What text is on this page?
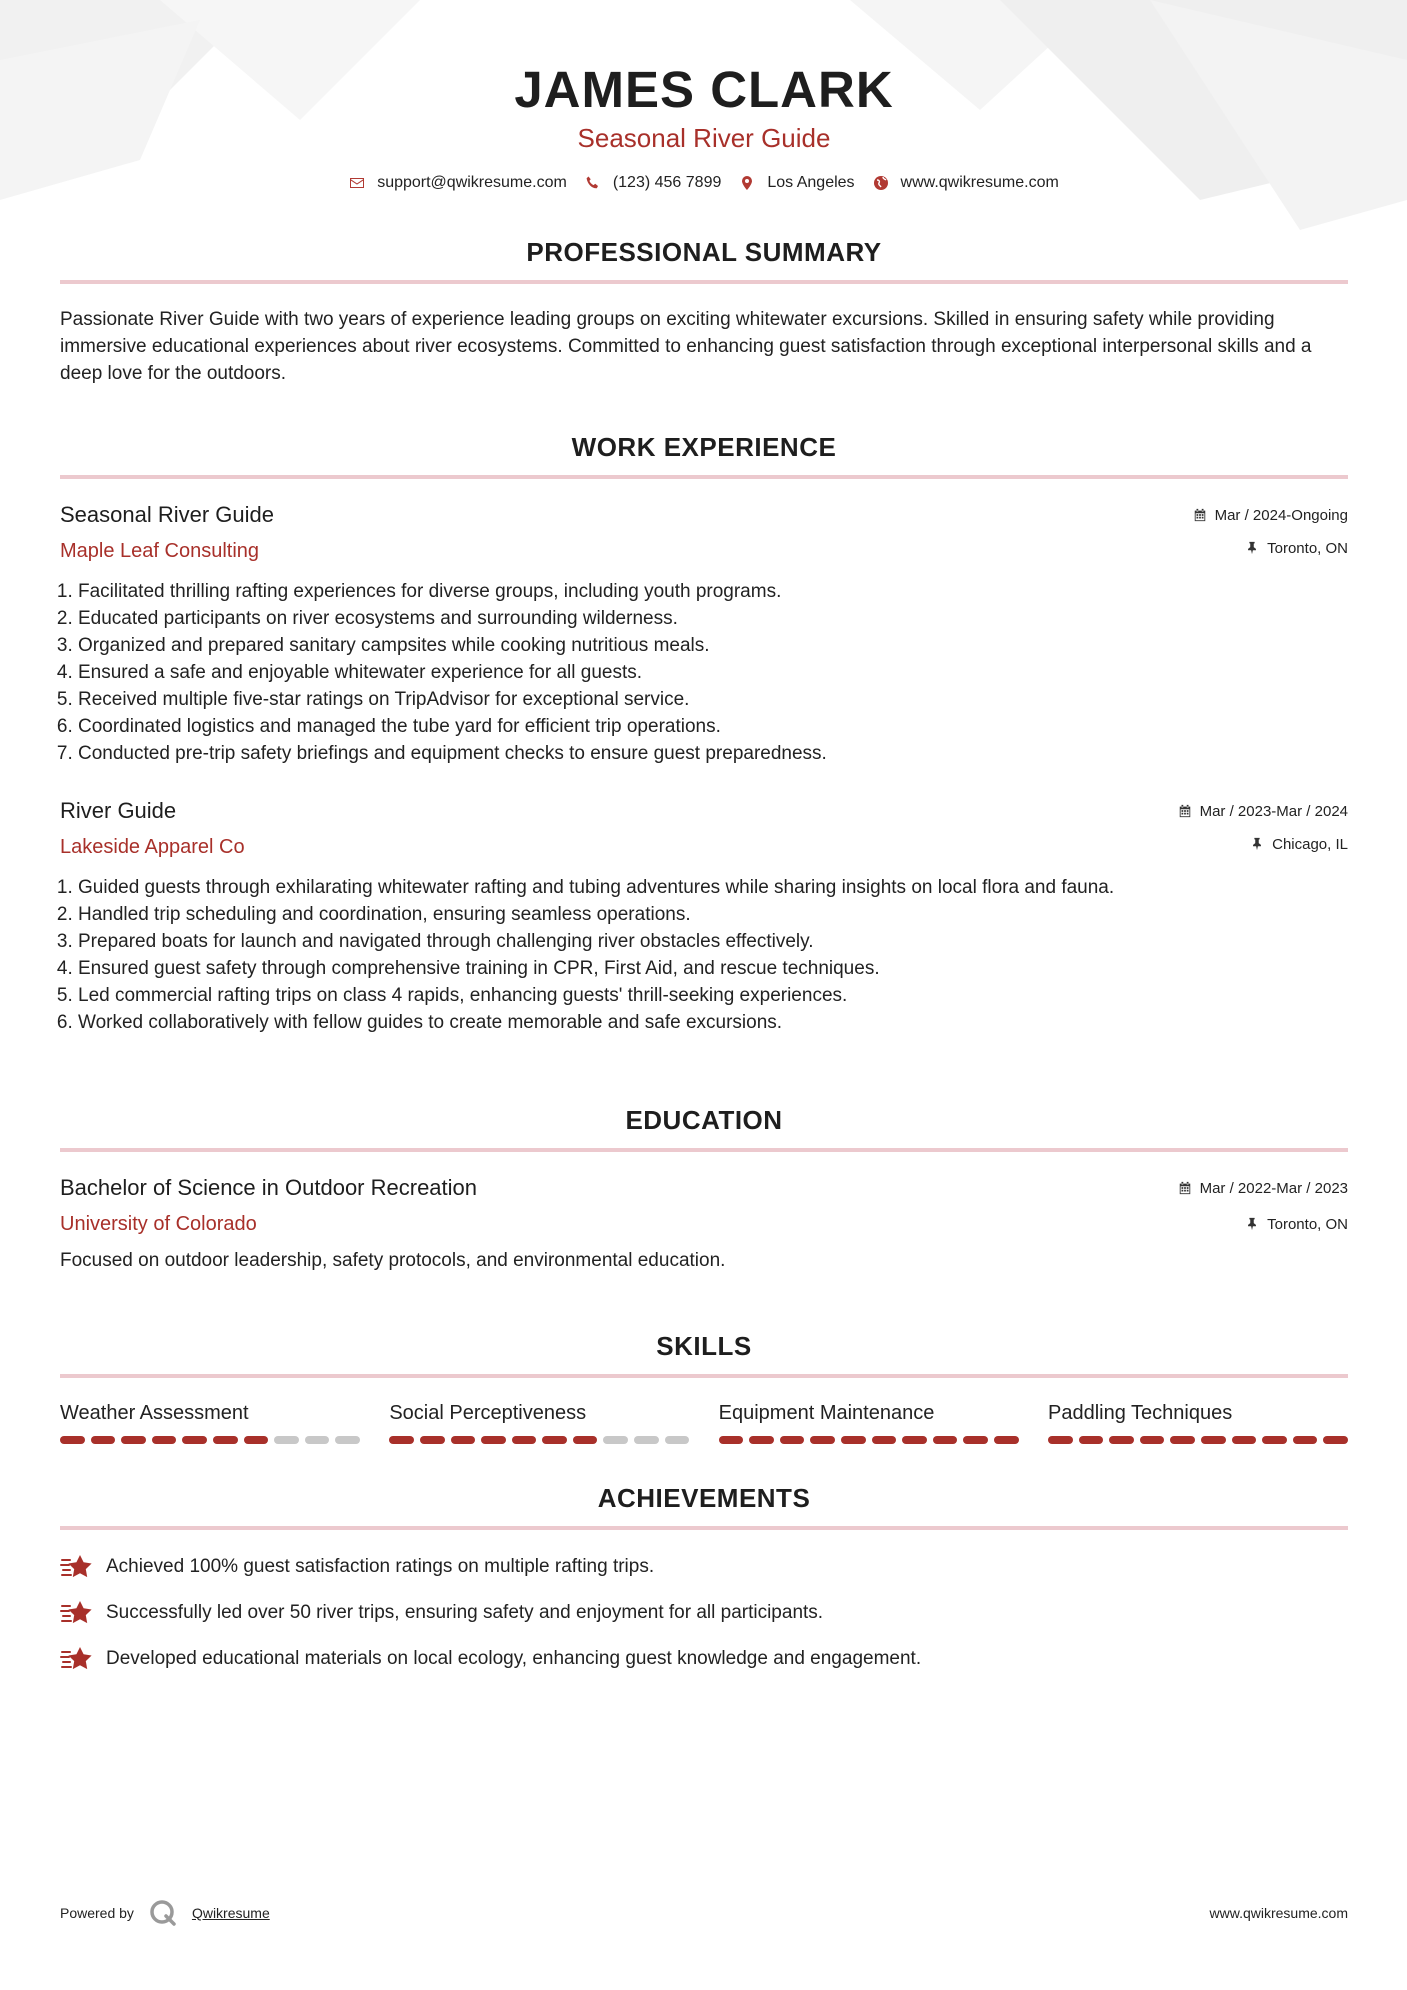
JAMES CLARK
Seasonal River Guide
support@qwikresume.com	(123) 456 7899	Los Angeles	www.qwikresume.com
PROFESSIONAL SUMMARY
Passionate River Guide with two years of experience leading groups on exciting whitewater excursions. Skilled in ensuring safety while providing immersive educational experiences about river ecosystems. Committed to enhancing guest satisfaction through exceptional interpersonal skills and a deep love for the outdoors.
WORK EXPERIENCE
Seasonal River Guide
Maple Leaf Consulting
Mar / 2024-Ongoing
Toronto, ON
1. Facilitated thrilling rafting experiences for diverse groups, including youth programs.
2. Educated participants on river ecosystems and surrounding wilderness.
3. Organized and prepared sanitary campsites while cooking nutritious meals.
4. Ensured a safe and enjoyable whitewater experience for all guests.
5. Received multiple five-star ratings on TripAdvisor for exceptional service.
6. Coordinated logistics and managed the tube yard for efficient trip operations.
7. Conducted pre-trip safety briefings and equipment checks to ensure guest preparedness.
River Guide
Lakeside Apparel Co
Mar / 2023-Mar / 2024
Chicago, IL
1. Guided guests through exhilarating whitewater rafting and tubing adventures while sharing insights on local flora and fauna.
2. Handled trip scheduling and coordination, ensuring seamless operations.
3. Prepared boats for launch and navigated through challenging river obstacles effectively.
4. Ensured guest safety through comprehensive training in CPR, First Aid, and rescue techniques.
5. Led commercial rafting trips on class 4 rapids, enhancing guests' thrill-seeking experiences.
6. Worked collaboratively with fellow guides to create memorable and safe excursions.
EDUCATION
Bachelor of Science in Outdoor Recreation
University of Colorado
Mar / 2022-Mar / 2023
Toronto, ON
Focused on outdoor leadership, safety protocols, and environmental education.
SKILLS
Weather Assessment	Social Perceptiveness	Equipment Maintenance	Paddling Techniques
ACHIEVEMENTS
Achieved 100% guest satisfaction ratings on multiple rafting trips.
Successfully led over 50 river trips, ensuring safety and enjoyment for all participants.
Developed educational materials on local ecology, enhancing guest knowledge and engagement.
Powered by	Qwikresume	www.qwikresume.com
